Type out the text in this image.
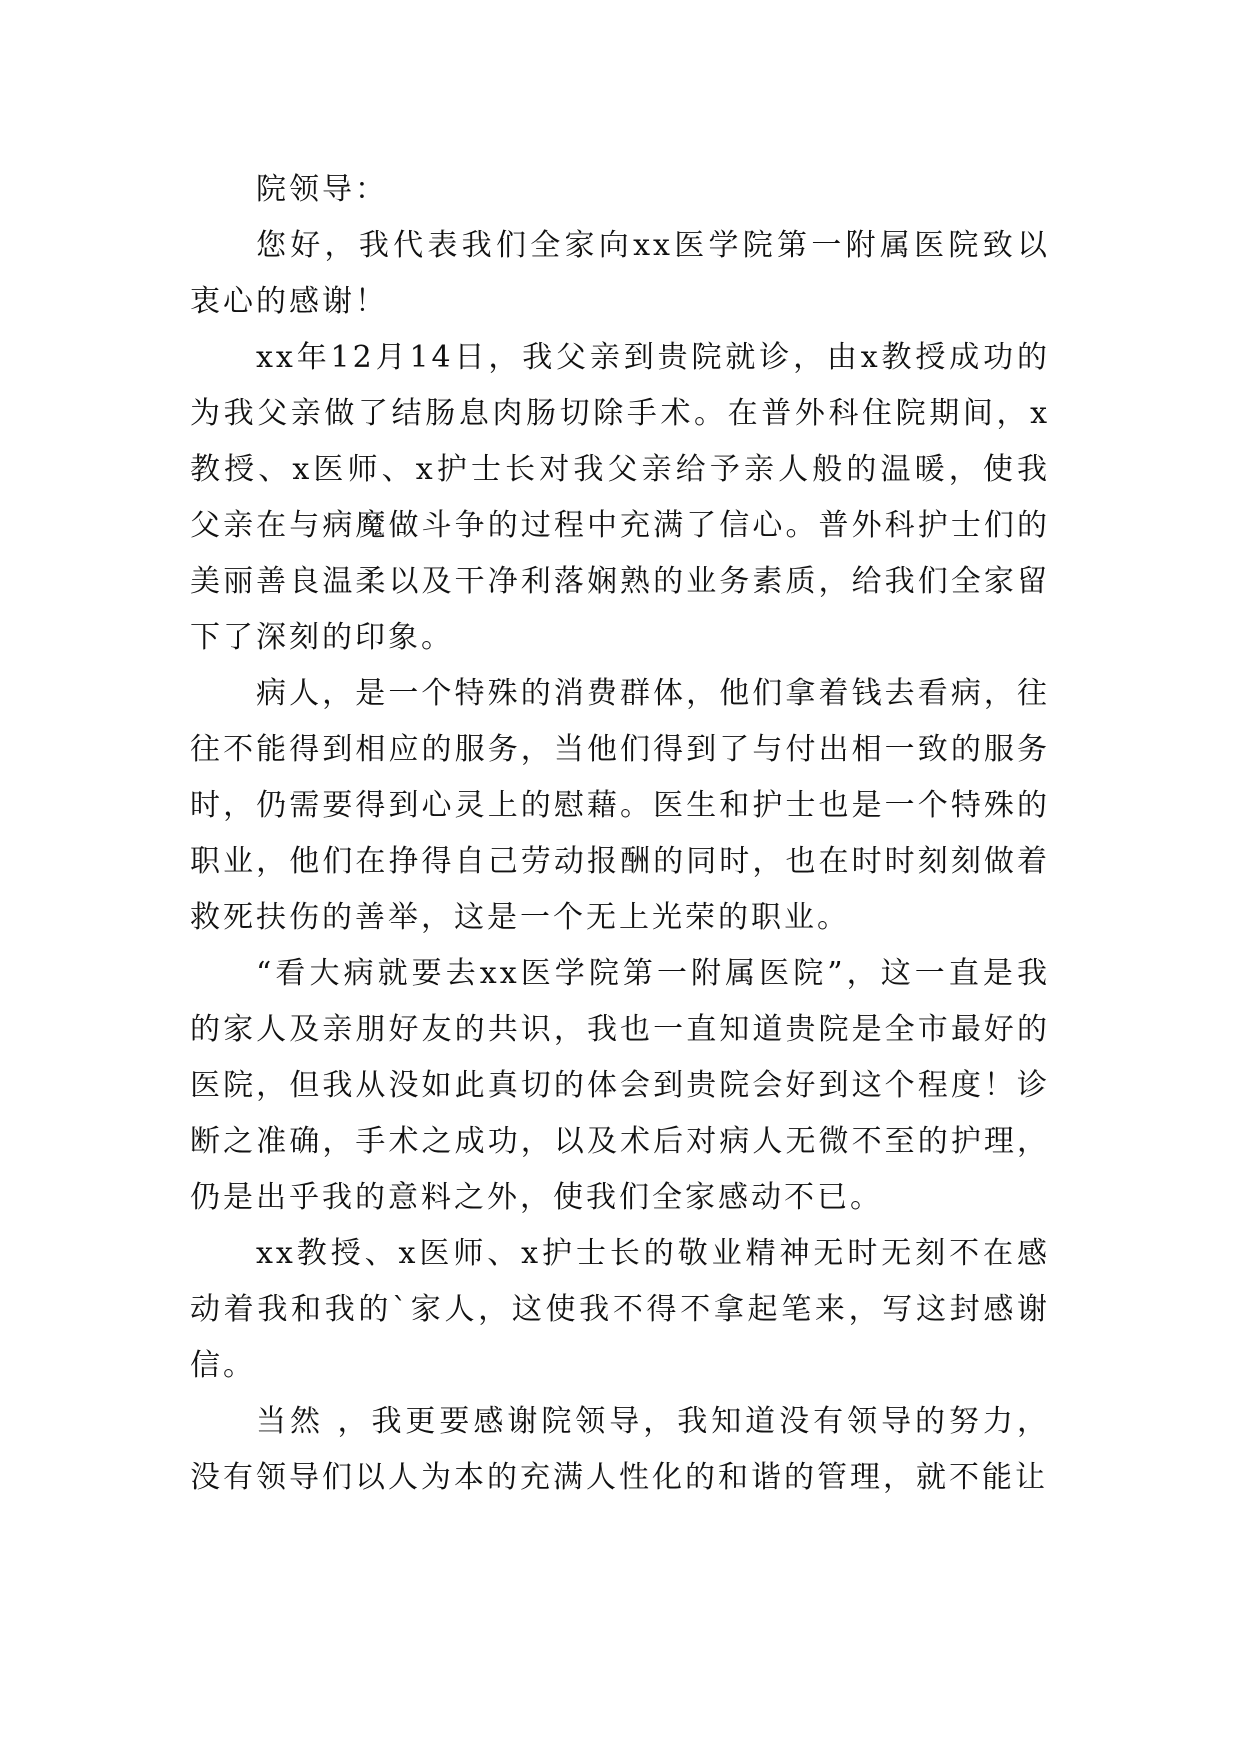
院领导：

您好，我代表我们全家向xx医学院第一附属医院致以衷心的感谢！

xx年12月14日，我父亲到贵院就诊，由x教授成功的为我父亲做了结肠息肉肠切除手术。在普外科住院期间，x教授、x医师、x护士长对我父亲给予亲人般的温暖，使我父亲在与病魔做斗争的过程中充满了信心。普外科护士们的美丽善良温柔以及干净利落娴熟的业务素质，给我们全家留下了深刻的印象。

病人，是一个特殊的消费群体，他们拿着钱去看病，往往不能得到相应的服务，当他们得到了与付出相一致的服务时，仍需要得到心灵上的慰藉。医生和护士也是一个特殊的职业，他们在挣得自己劳动报酬的同时，也在时时刻刻做着救死扶伤的善举，这是一个无上光荣的职业。

“看大病就要去xx医学院第一附属医院”，这一直是我的家人及亲朋好友的共识，我也一直知道贵院是全市最好的医院，但我从没如此真切的体会到贵院会好到这个程度！诊断之准确，手术之成功，以及术后对病人无微不至的护理，仍是出乎我的意料之外，使我们全家感动不已。

xx教授、x医师、x护士长的敬业精神无时无刻不在感动着我和我的`家人，这使我不得不拿起笔来，写这封感谢信。

当然 ，我更要感谢院领导，我知道没有领导的努力，没有领导们以人为本的充满人性化的和谐的管理，就不能让
